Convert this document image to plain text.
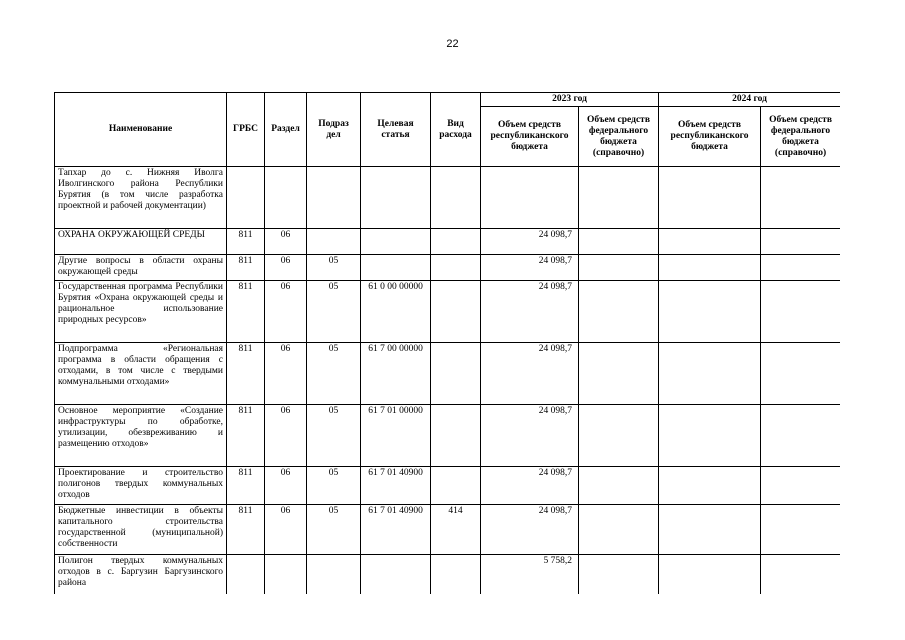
22
Наименование	ГРБС	Раздел	Подраз дел	Целевая статья	Вид расхода	2023 год		2024 год	
						Объем средств республиканского бюджета	Объем средств федерального бюджета (справочно)	Объем средств республиканского бюджета	Объем средств федерального бюджета (справочно)
Тапхар до с. Нижняя Иволга Иволгинского района Республики Бурятия (в том числе разработка проектной и рабочей документации)									
ОХРАНА ОКРУЖАЮЩЕЙ СРЕДЫ	811	06				24 098,7			
Другие вопросы в области охраны окружающей среды	811	06	05			24 098,7			
Государственная программа Республики Бурятия «Охрана окружающей среды и рациональное использование природных ресурсов»	811	06	05	61 0 00 00000		24 098,7			
Подпрограмма «Региональная программа в области обращения с отходами, в том числе с твердыми коммунальными отходами»	811	06	05	61 7 00 00000		24 098,7			
Основное мероприятие «Создание инфраструктуры по обработке, утилизации, обезвреживанию и размещению отходов»	811	06	05	61 7 01 00000		24 098,7			
Проектирование и строительство полигонов твердых коммунальных отходов	811	06	05	61 7 01 40900		24 098,7			
Бюджетные инвестиции в объекты капитального строительства государственной (муниципальной) собственности	811	06	05	61 7 01 40900	414	24 098,7			
Полигон твердых коммунальных отходов в с. Баргузин Баргузинского района						5 758,2			
